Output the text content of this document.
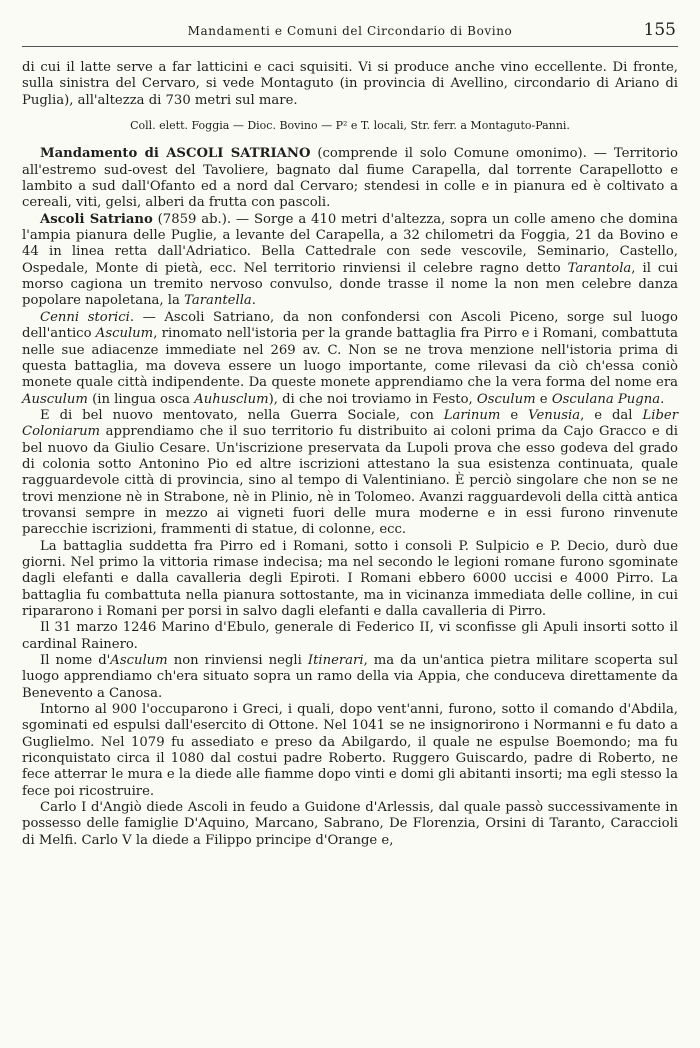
Mandamenti e Comuni del Circondario di Bovino	155

di cui il latte serve a far latticini e caci squisiti. Vi si produce anche vino eccellente. Di fronte, sulla sinistra del Cervaro, si vede Montaguto (in provincia di Avellino, circondario di Ariano di Puglia), all'altezza di 730 metri sul mare.

Coll. elett. Foggia — Dioc. Bovino — P² e T. locali, Str. ferr. a Montaguto-Panni.

Mandamento di ASCOLI SATRIANO (comprende il solo Comune omonimo). — Territorio all'estremo sud-ovest del Tavoliere, bagnato dal fiume Carapella, dal torrente Carapellotto e lambito a sud dall'Ofanto ed a nord dal Cervaro; stendesi in colle e in pianura ed è coltivato a cereali, viti, gelsi, alberi da frutta con pascoli.

Ascoli Satriano (7859 ab.). — Sorge a 410 metri d'altezza, sopra un colle ameno che domina l'ampia pianura delle Puglie, a levante del Carapella, a 32 chilometri da Foggia, 21 da Bovino e 44 in linea retta dall'Adriatico. Bella Cattedrale con sede vescovile, Seminario, Castello, Ospedale, Monte di pietà, ecc. Nel territorio rinviensi il celebre ragno detto Tarantola, il cui morso cagiona un tremito nervoso convulso, donde trasse il nome la non men celebre danza popolare napoletana, la Tarantella.

Cenni storici. — Ascoli Satriano, da non confondersi con Ascoli Piceno, sorge sul luogo dell'antico Asculum, rinomato nell'istoria per la grande battaglia fra Pirro e i Romani, combattuta nelle sue adiacenze immediate nel 269 av. C. Non se ne trova menzione nell'istoria prima di questa battaglia, ma doveva essere un luogo importante, come rilevasi da ciò ch'essa coniò monete quale città indipendente. Da queste monete apprendiamo che la vera forma del nome era Ausculum (in lingua osca Auhusclum), di che noi troviamo in Festo, Osculum e Osculana Pugna.

E di bel nuovo mentovato, nella Guerra Sociale, con Larinum e Venusia, e dal Liber Coloniarum apprendiamo che il suo territorio fu distribuito ai coloni prima da Cajo Gracco e di bel nuovo da Giulio Cesare. Un'iscrizione preservata da Lupoli prova che esso godeva del grado di colonia sotto Antonino Pio ed altre iscrizioni attestano la sua esistenza continuata, quale ragguardevole città di provincia, sino al tempo di Valentiniano. È perciò singolare che non se ne trovi menzione nè in Strabone, nè in Plinio, nè in Tolomeo. Avanzi ragguardevoli della città antica trovansi sempre in mezzo ai vigneti fuori delle mura moderne e in essi furono rinvenute parecchie iscrizioni, frammenti di statue, di colonne, ecc.

La battaglia suddetta fra Pirro ed i Romani, sotto i consoli P. Sulpicio e P. Decio, durò due giorni. Nel primo la vittoria rimase indecisa; ma nel secondo le legioni romane furono sgominate dagli elefanti e dalla cavalleria degli Epiroti. I Romani ebbero 6000 uccisi e 4000 Pirro. La battaglia fu combattuta nella pianura sottostante, ma in vicinanza immediata delle colline, in cui ripararono i Romani per porsi in salvo dagli elefanti e dalla cavalleria di Pirro.

Il 31 marzo 1246 Marino d'Ebulo, generale di Federico II, vi sconfisse gli Apuli insorti sotto il cardinal Rainero.

Il nome d'Asculum non rinviensi negli Itinerari, ma da un'antica pietra militare scoperta sul luogo apprendiamo ch'era situato sopra un ramo della via Appia, che conduceva direttamente da Benevento a Canosa.

Intorno al 900 l'occuparono i Greci, i quali, dopo vent'anni, furono, sotto il comando d'Abdila, sgominati ed espulsi dall'esercito di Ottone. Nel 1041 se ne insignorirono i Normanni e fu dato a Guglielmo. Nel 1079 fu assediato e preso da Abilgardo, il quale ne espulse Boemondo; ma fu riconquistato circa il 1080 dal costui padre Roberto. Ruggero Guiscardo, padre di Roberto, ne fece atterrar le mura e la diede alle fiamme dopo vinti e domi gli abitanti insorti; ma egli stesso la fece poi ricostruire.

Carlo I d'Angiò diede Ascoli in feudo a Guidone d'Arlessis, dal quale passò successivamente in possesso delle famiglie D'Aquino, Marcano, Sabrano, De Florenzia, Orsini di Taranto, Caraccioli di Melfi. Carlo V la diede a Filippo principe d'Orange e,
